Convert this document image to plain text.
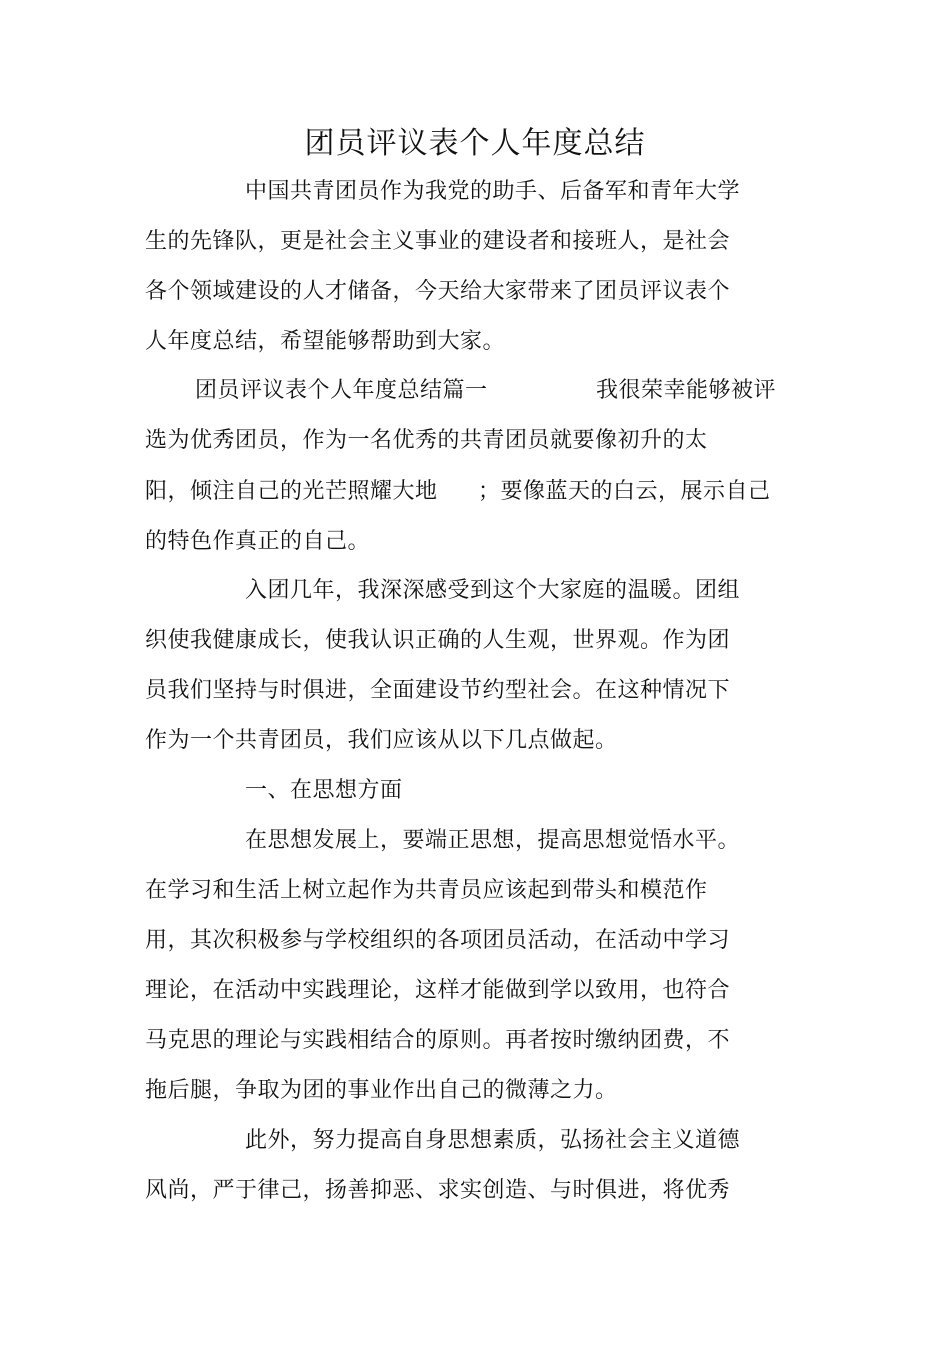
团员评议表个人年度总结
中国共青团员作为我党的助手、后备军和青年大学
生的先锋队，更是社会主义事业的建设者和接班人，是社会
各个领域建设的人才储备，今天给大家带来了团员评议表个
人年度总结，希望能够帮助到大家。
团员评议表个人年度总结篇一	我很荣幸能够被评
选为优秀团员，作为一名优秀的共青团员就要像初升的太
阳，倾注自己的光芒照耀大地 ；要像蓝天的白云，展示自己
的特色作真正的自己。
入团几年，我深深感受到这个大家庭的温暖。团组
织使我健康成长，使我认识正确的人生观，世界观。作为团
员我们坚持与时俱进，全面建设节约型社会。在这种情况下
作为一个共青团员，我们应该从以下几点做起。
一、在思想方面
在思想发展上，要端正思想，提高思想觉悟水平。
在学习和生活上树立起作为共青员应该起到带头和模范作
用，其次积极参与学校组织的各项团员活动，在活动中学习
理论，在活动中实践理论，这样才能做到学以致用，也符合
马克思的理论与实践相结合的原则。再者按时缴纳团费，不
拖后腿，争取为团的事业作出自己的微薄之力。
此外，努力提高自身思想素质，弘扬社会主义道德
风尚，严于律己，扬善抑恶、求实创造、与时俱进，将优秀
